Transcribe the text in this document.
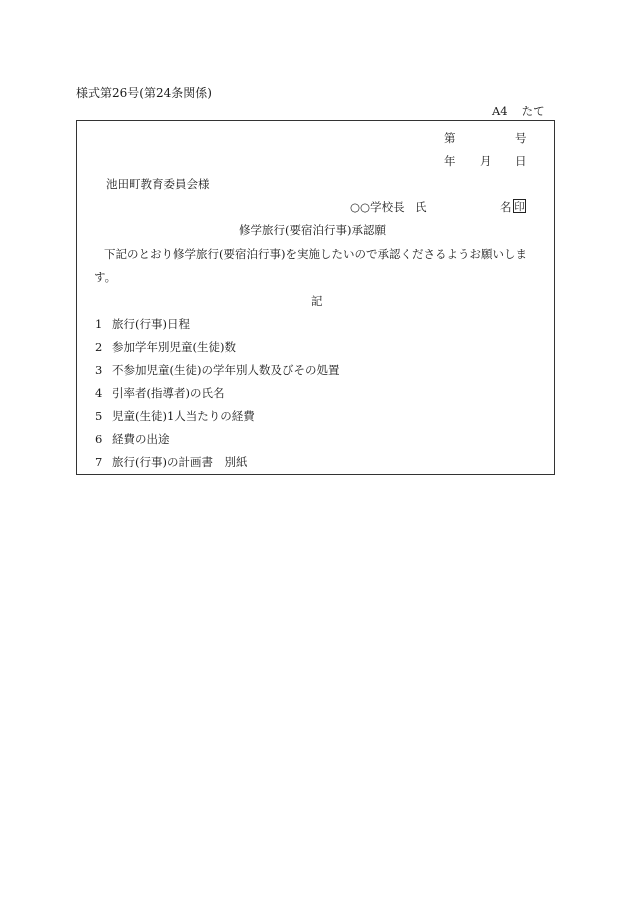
様式第26号(第24条関係)
A4 たて
第	号
年 月 日
池田町教育委員会様
○○学校長 氏	名 印
修学旅行(要宿泊行事)承認願
下記のとおり修学旅行(要宿泊行事)を実施したいので承認くださるようお願いしま
す。
記
1 旅行(行事)日程
2 参加学年別児童(生徒)数
3 不参加児童(生徒)の学年別人数及びその処置
4 引率者(指導者)の氏名
5 児童(生徒)1人当たりの経費
6 経費の出途
7 旅行(行事)の計画書　別紙
